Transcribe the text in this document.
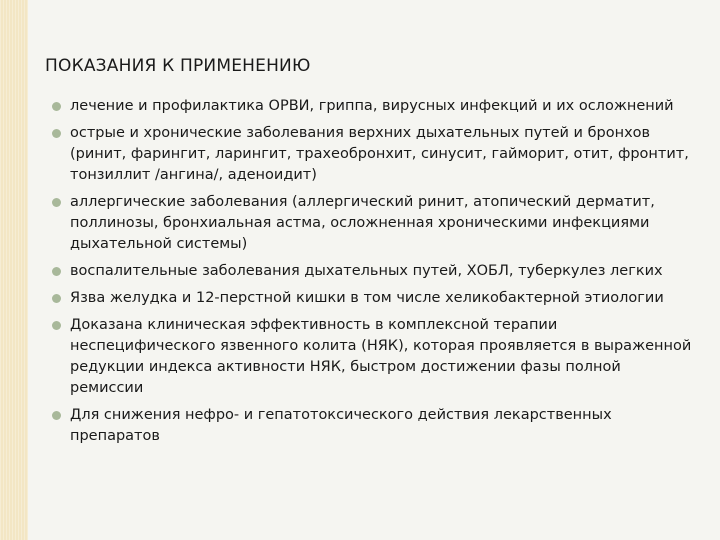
ПОКАЗАНИЯ К ПРИМЕНЕНИЮ
лечение и профилактика ОРВИ, гриппа, вирусных инфекций и их осложнений
острые и хронические заболевания верхних дыхательных путей и бронхов (ринит, фарингит, ларингит, трахеобронхит, синусит, гайморит, отит, фронтит, тонзиллит /ангина/, аденоидит)
аллергические заболевания (аллергический ринит, атопический дерматит, поллинозы, бронхиальная астма, осложненная хроническими инфекциями дыхательной системы)
воспалительные заболевания дыхательных путей, ХОБЛ, туберкулез легких
Язва желудка и 12-перстной кишки в том числе хеликобактерной этиологии
Доказана клиническая эффективность в комплексной терапии неспецифического язвенного колита (НЯК), которая проявляется в выраженной редукции индекса активности НЯК, быстром достижении фазы полной ремиссии
Для снижения нефро- и гепатотоксического действия лекарственных препаратов
